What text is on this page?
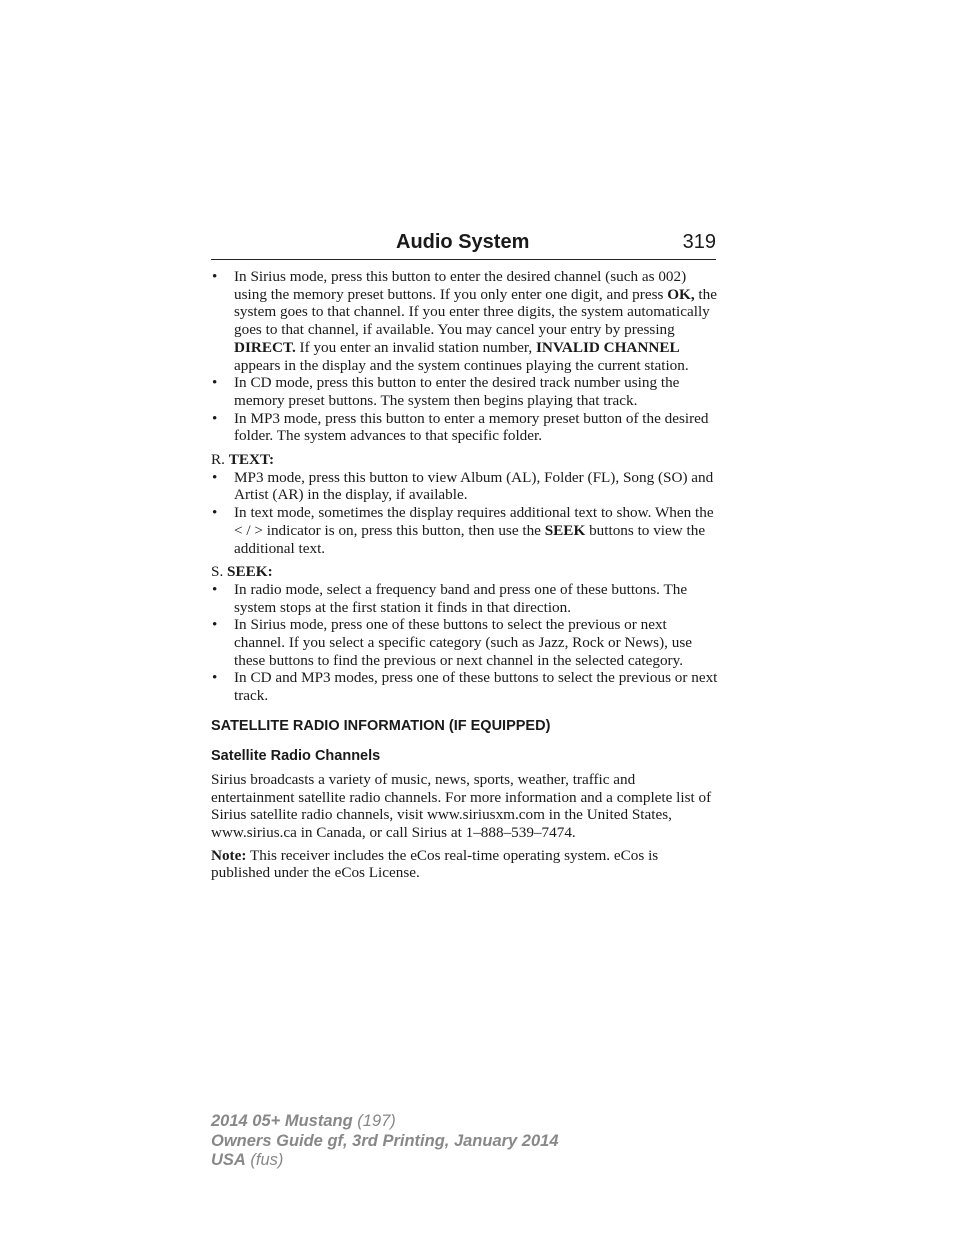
Audio System	319
• In Sirius mode, press this button to enter the desired channel (such as 002) using the memory preset buttons. If you only enter one digit, and press OK, the system goes to that channel. If you enter three digits, the system automatically goes to that channel, if available. You may cancel your entry by pressing DIRECT. If you enter an invalid station number, INVALID CHANNEL appears in the display and the system continues playing the current station.
• In CD mode, press this button to enter the desired track number using the memory preset buttons. The system then begins playing that track.
• In MP3 mode, press this button to enter a memory preset button of the desired folder. The system advances to that specific folder.
R. TEXT:
• MP3 mode, press this button to view Album (AL), Folder (FL), Song (SO) and Artist (AR) in the display, if available.
• In text mode, sometimes the display requires additional text to show. When the < / > indicator is on, press this button, then use the SEEK buttons to view the additional text.
S. SEEK:
• In radio mode, select a frequency band and press one of these buttons. The system stops at the first station it finds in that direction.
• In Sirius mode, press one of these buttons to select the previous or next channel. If you select a specific category (such as Jazz, Rock or News), use these buttons to find the previous or next channel in the selected category.
• In CD and MP3 modes, press one of these buttons to select the previous or next track.
SATELLITE RADIO INFORMATION (IF EQUIPPED)
Satellite Radio Channels
Sirius broadcasts a variety of music, news, sports, weather, traffic and entertainment satellite radio channels. For more information and a complete list of Sirius satellite radio channels, visit www.siriusxm.com in the United States, www.sirius.ca in Canada, or call Sirius at 1–888–539–7474.
Note: This receiver includes the eCos real-time operating system. eCos is published under the eCos License.
2014 05+ Mustang (197)
Owners Guide gf, 3rd Printing, January 2014
USA (fus)
